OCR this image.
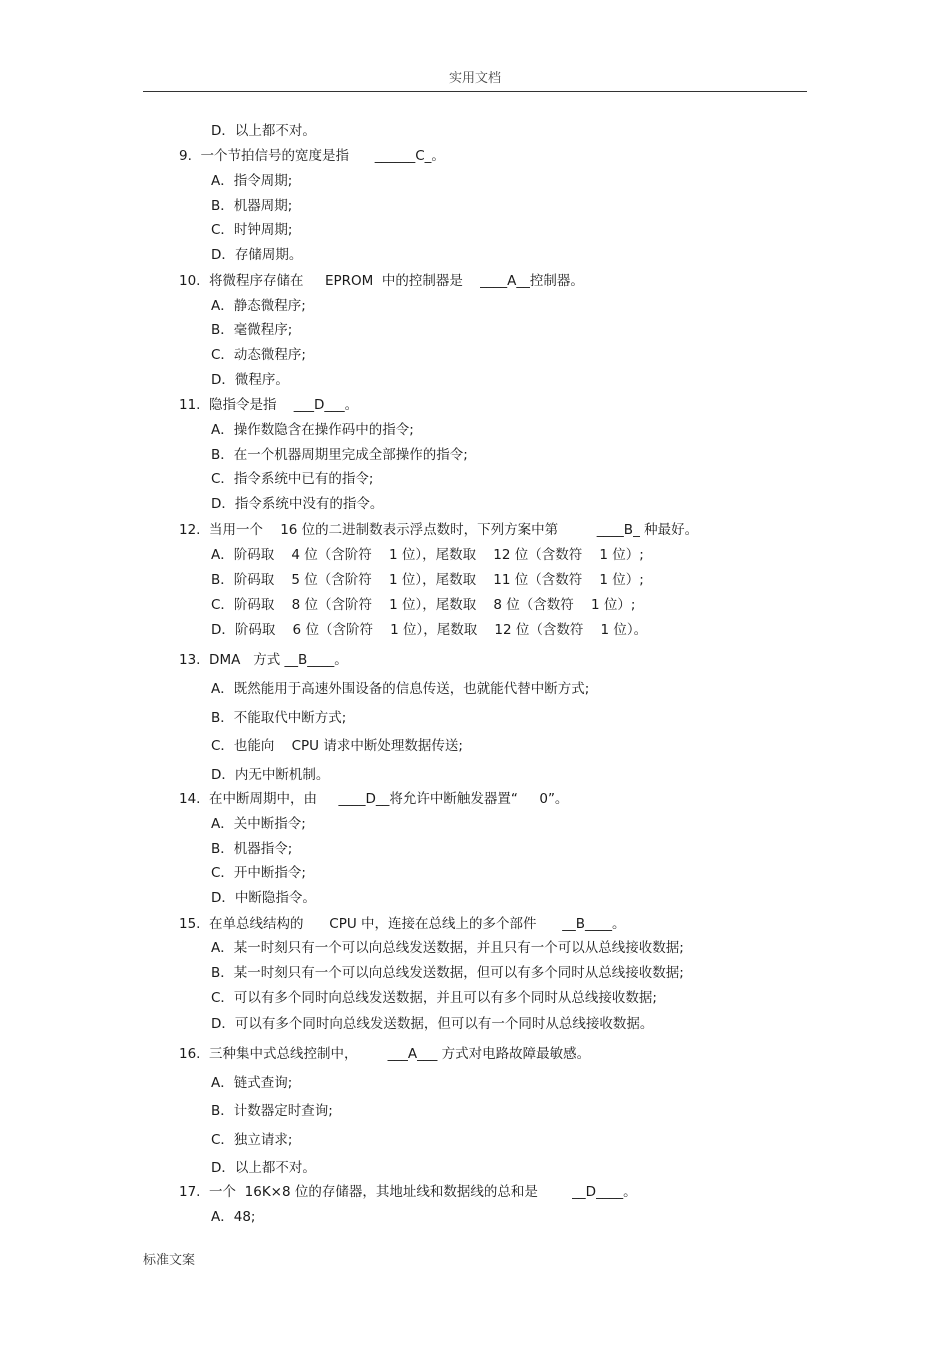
实用文档
D．以上都不对。
9.  一个节拍信号的宽度是指      ______C_。
A．指令周期;
B．机器周期;
C．时钟周期;
D．存储周期。
10.  将微程序存储在     EPROM  中的控制器是    ____A__控制器。
A．静态微程序;
B．毫微程序;
C．动态微程序;
D．微程序。
11.  隐指令是指    ___D___。
A．操作数隐含在操作码中的指令;
B．在一个机器周期里完成全部操作的指令;
C．指令系统中已有的指令;
D．指令系统中没有的指令。
12.  当用一个    16 位的二进制数表示浮点数时，下列方案中第         ____B_ 种最好。
A．阶码取    4 位（含阶符    1 位），尾数取    12 位（含数符    1 位）;
B．阶码取    5 位（含阶符    1 位），尾数取    11 位（含数符    1 位）;
C．阶码取    8 位（含阶符    1 位），尾数取    8 位（含数符    1 位）;
D．阶码取    6 位（含阶符    1 位），尾数取    12 位（含数符    1 位）。
13.  DMA   方式 __B____。
A．既然能用于高速外围设备的信息传送，也就能代替中断方式;
B．不能取代中断方式;
C．也能向    CPU 请求中断处理数据传送;
D．内无中断机制。
14.  在中断周期中，由     ____D__将允许中断触发器置“     0”。
A．关中断指令;
B．机器指令;
C．开中断指令;
D．中断隐指令。
15.  在单总线结构的      CPU 中，连接在总线上的多个部件      __B____。
A．某一时刻只有一个可以向总线发送数据，并且只有一个可以从总线接收数据;
B．某一时刻只有一个可以向总线发送数据，但可以有多个同时从总线接收数据;
C．可以有多个同时向总线发送数据，并且可以有多个同时从总线接收数据;
D．可以有多个同时向总线发送数据，但可以有一个同时从总线接收数据。
16.  三种集中式总线控制中，       ___A___ 方式对电路故障最敏感。
A．链式查询;
B．计数器定时查询;
C．独立请求;
D．以上都不对。
17.  一个  16K×8 位的存储器，其地址线和数据线的总和是        __D____。
A．48;
标准文案
